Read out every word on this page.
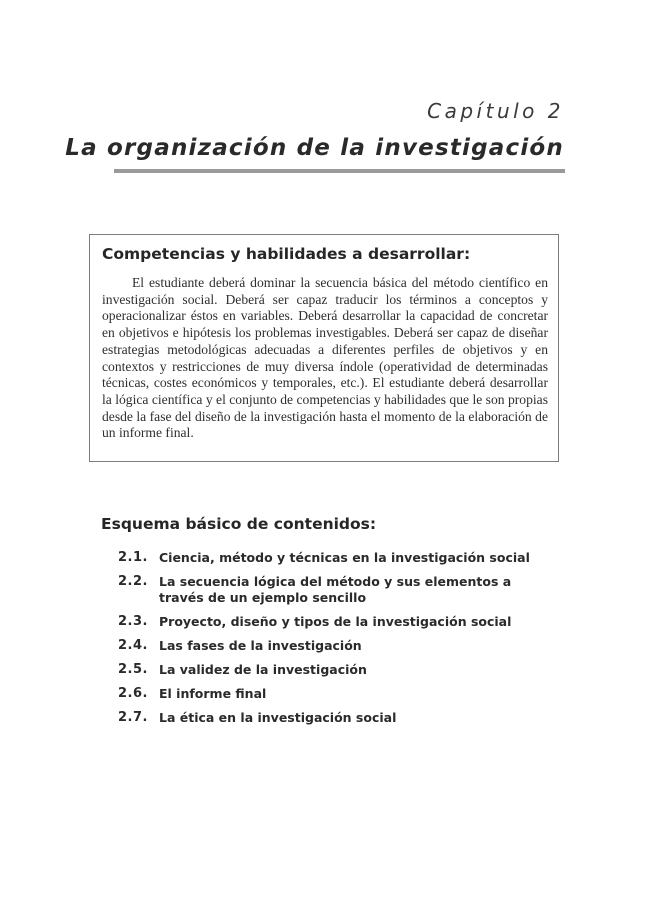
Capítulo 2
La organización de la investigación
Competencias y habilidades a desarrollar:

El estudiante deberá dominar la secuencia básica del método científico en investigación social. Deberá ser capaz traducir los términos a conceptos y operacionalizar éstos en variables. Deberá desarrollar la capacidad de concretar en objetivos e hipótesis los problemas investigables. Deberá ser capaz de diseñar estrategias metodológicas adecuadas a diferentes perfiles de objetivos y en contextos y restricciones de muy diversa índole (operatividad de determinadas técnicas, costes económicos y temporales, etc.). El estudiante deberá desarrollar la lógica científica y el conjunto de competencias y habilidades que le son propias desde la fase del diseño de la investigación hasta el momento de la elaboración de un informe final.

Esquema básico de contenidos:
2.1. Ciencia, método y técnicas en la investigación social
2.2. La secuencia lógica del método y sus elementos a través de un ejemplo sencillo
2.3. Proyecto, diseño y tipos de la investigación social
2.4. Las fases de la investigación
2.5. La validez de la investigación
2.6. El informe final
2.7. La ética en la investigación social
